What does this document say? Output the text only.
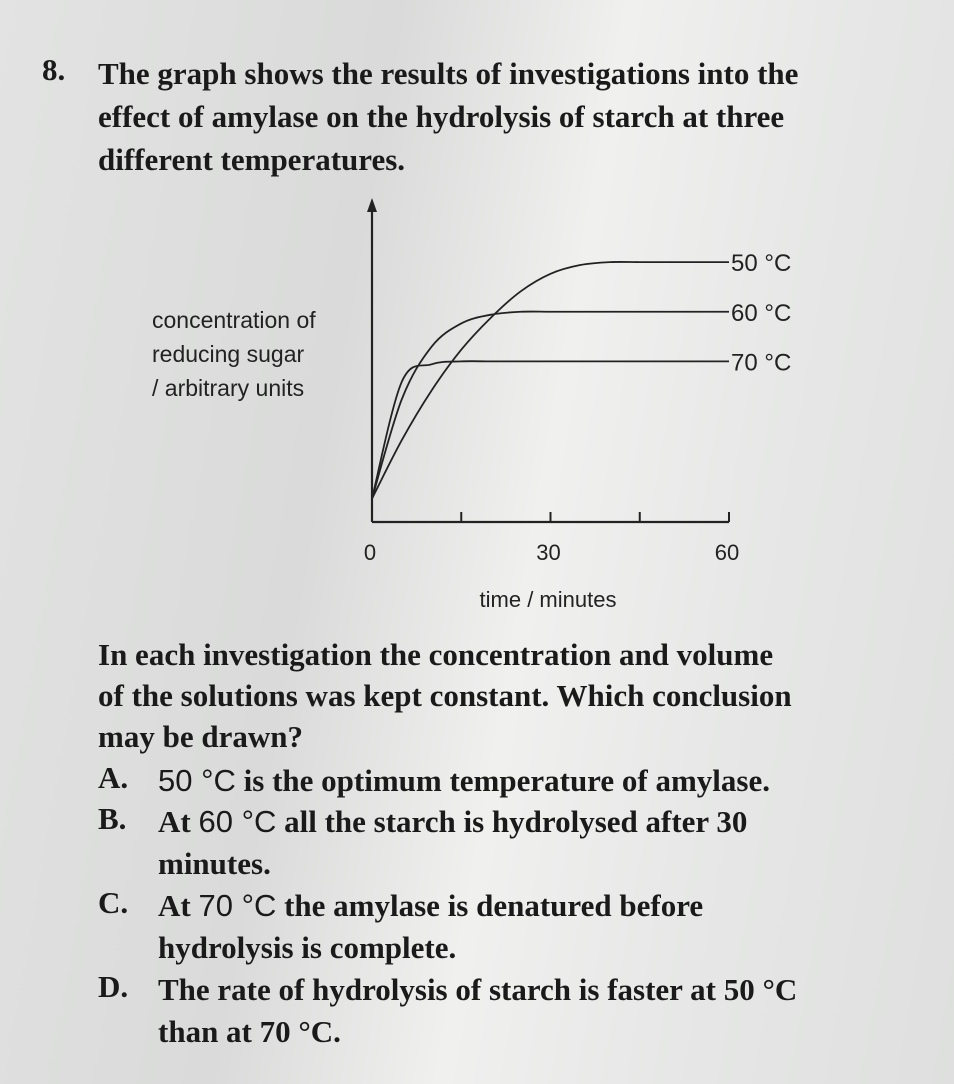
8. The graph shows the results of investigations into the
effect of amylase on the hydrolysis of starch at three
different temperatures.
0	30	60
time / minutes
concentration of
reducing sugar
/ arbitrary units
50 °C
60 °C
70 °C
In each investigation the concentration and volume
of the solutions was kept constant. Which conclusion
may be drawn?
A. 50 °C is the optimum temperature of amylase.
B. At 60 °C all the starch is hydrolysed after 30
minutes.
C. At 70 °C the amylase is denatured before
hydrolysis is complete.
D. The rate of hydrolysis of starch is faster at 50 °C
than at 70 °C.
